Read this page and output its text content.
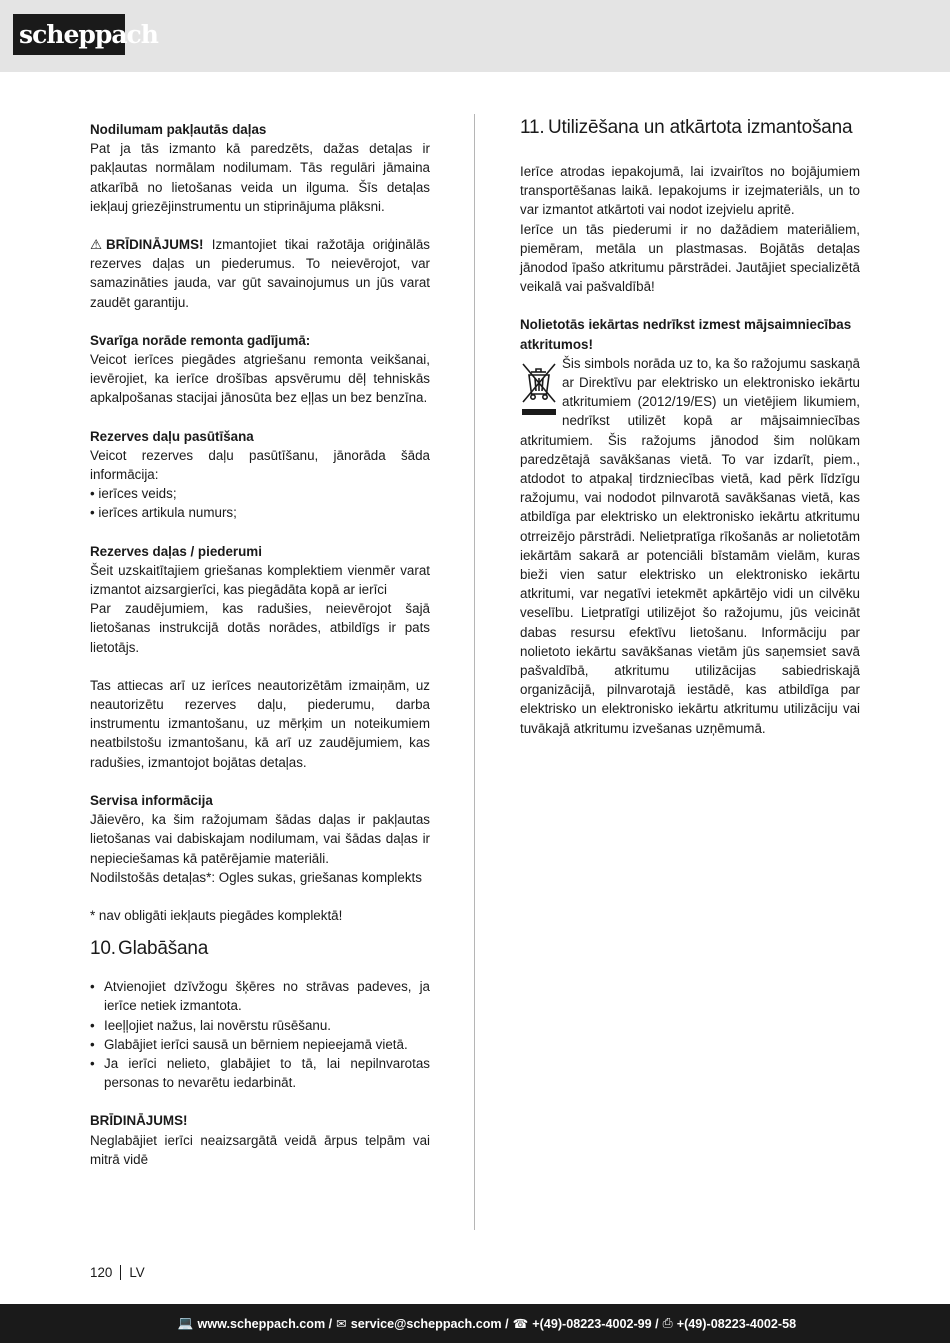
scheppach
Nodilumam pakļautās daļas

Pat ja tās izmanto kā paredzēts, dažas detaļas ir pakļautas normālam nodilumam. Tās regulāri jāmaina atkarībā no lietošanas veida un ilguma. Šīs detaļas iekļauj griezējinstrumentu un stiprinājuma plāksni.

⚠ BRĪDINĀJUMS! Izmantojiet tikai ražotāja oriģinālās rezerves daļas un piederumus. To neievērojot, var samazināties jauda, var gūt savainojumus un jūs varat zaudēt garantiju.

Svarīga norāde remonta gadījumā:

Veicot ierīces piegādes atgriešanu remonta veikšanai, ievērojiet, ka ierīce drošības apsvērumu dēļ tehniskās apkalpošanas stacijai jānosūta bez eļļas un bez benzīna.

Rezerves daļu pasūtīšana

Veicot rezerves daļu pasūtīšanu, jānorāda šāda informācija:

• ierīces veids;
• ierīces artikula numurs;
Rezerves daļas / piederumi

Šeit uzskaitītajiem griešanas komplektiem vienmēr varat izmantot aizsargierīci, kas piegādāta kopā ar ierīci

Par zaudējumiem, kas radušies, neievērojot šajā lietošanas instrukcijā dotās norādes, atbildīgs ir pats lietotājs.

Tas attiecas arī uz ierīces neautorizētām izmaiņām, uz neautorizētu rezerves daļu, piederumu, darba instrumentu izmantošanu, uz mērķim un noteikumiem neatbilstošu izmantošanu, kā arī uz zaudējumiem, kas radušies, izmantojot bojātas detaļas.

Servisa informācija

Jāievēro, ka šim ražojumam šādas daļas ir pakļautas lietošanas vai dabiskajam nodilumam, vai šādas daļas ir nepieciešamas kā patērējamie materiāli.

Nodilstošās detaļas*: Ogles sukas, griešanas komplekts

* nav obligāti iekļauts piegādes komplektā!
10. Glabāšana
• Atvienojiet dzīvžogu šķēres no strāvas padeves, ja ierīce netiek izmantota.
• Ieeļļojiet nažus, lai novērstu rūsēšanu.
• Glabājiet ierīci sausā un bērniem nepieejamā vietā.
• Ja ierīci nelieto, glabājiet to tā, lai nepilnvarotas personas to nevarētu iedarbināt.
BRĪDINĀJUMS!

Neglabājiet ierīci neaizsargātā veidā ārpus telpām vai mitrā vidē

11. Utilizēšana un atkārtota izmantošana

Ierīce atrodas iepakojumā, lai izvairītos no bojājumiem transportēšanas laikā. Iepakojums ir izejmateriāls, un to var izmantot atkārtoti vai nodot izejvielu apritē.

Ierīce un tās piederumi ir no dažādiem materiāliem, piemēram, metāla un plastmasas. Bojātās detaļas jānodod īpašo atkritumu pārstrādei. Jautājiet specializētā veikalā vai pašvaldībā!

Nolietotās iekārtas nedrīkst izmest mājsaimniecības atkritumos!

Šis simbols norāda uz to, ka šo ražojumu saskaņā ar Direktīvu par elektrisko un elektronisko iekārtu atkritumiem (2012/19/ES) un vietējiem likumiem, nedrīkst utilizēt kopā ar mājsaimniecības atkritumiem. Šis ražojums jānodod šim nolūkam paredzētajā savākšanas vietā. To var izdarīt, piem., atdodot to atpakaļ tirdzniecības vietā, kad pērk līdzīgu ražojumu, vai nododot pilnvarotā savākšanas vietā, kas atbildīga par elektrisko un elektronisko iekārtu atkritumu otrreizējo pārstrādi. Nelietpratīga rīkošanās ar nolietotām iekārtām sakarā ar potenciāli bīstamām vielām, kuras bieži vien satur elektrisko un elektronisko iekārtu atkritumi, var negatīvi ietekmēt apkārtējo vidi un cilvēku veselību. Lietpratīgi utilizējot šo ražojumu, jūs veicināt dabas resursu efektīvu lietošanu. Informāciju par nolietoto iekārtu savākšanas vietām jūs saņemsiet savā pašvaldībā, atkritumu utilizācijas sabiedriskajā organizācijā, pilnvarotajā iestādē, kas atbildīga par elektrisko un elektronisko iekārtu atkritumu utilizāciju vai tuvākajā atkritumu izvešanas uzņēmumā.

120 LV
💻 www.scheppach.com / ✉ service@scheppach.com / ☎ +(49)-08223-4002-99 / ⎙ +(49)-08223-4002-58
